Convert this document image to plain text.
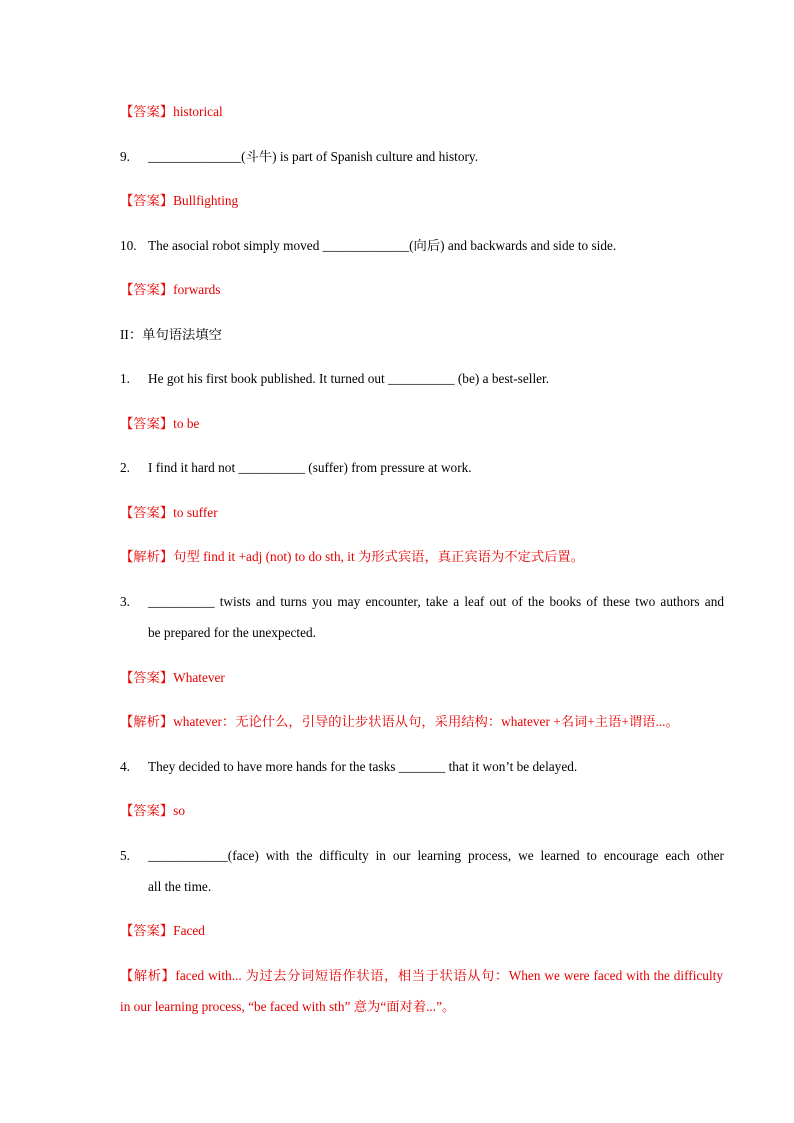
【答案】historical
9. ______________(斗牛) is part of Spanish culture and history.
【答案】Bullfighting
10. The asocial robot simply moved _____________(向后) and backwards and side to side.
【答案】forwards
II：单句语法填空
1. He got his first book published. It turned out __________ (be) a best-seller.
【答案】to be
2. I find it hard not __________ (suffer) from pressure at work.
【答案】to suffer
【解析】句型 find it +adj (not) to do sth, it 为形式宾语，真正宾语为不定式后置。
3. __________ twists and turns you may encounter, take a leaf out of the books of these two authors and
be prepared for the unexpected.
【答案】Whatever
【解析】whatever：无论什么，引导的让步状语从句，采用结构：whatever +名词+主语+谓语...。
4. They decided to have more hands for the tasks _______ that it won’t be delayed.
【答案】so
5. ____________(face) with the difficulty in our learning process, we learned to encourage each other
all the time.
【答案】Faced
【解析】faced with... 为过去分词短语作状语，相当于状语从句：When we were faced with the difficulty
in our learning process, “be faced with sth” 意为“面对着...”。
